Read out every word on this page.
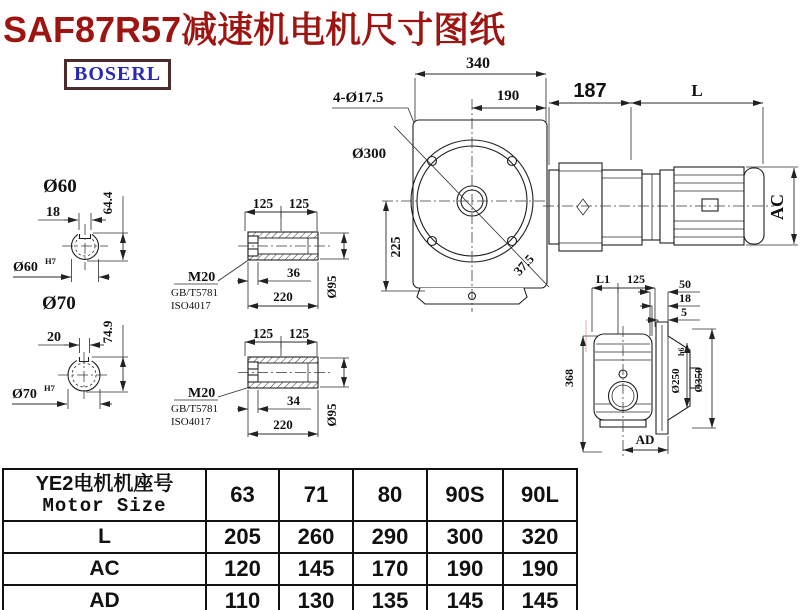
SAF87R57减速机电机尺寸图纸
BOSERL
Ø60
18	64.4
Ø60 H7
Ø70
20	74.9
Ø70 H7
125 125
M20
GB/T5781
ISO4017
36
220 Ø95
125 125
M20
GB/T5781
ISO4017
34
220 Ø95
340
190
4-Ø17.5
Ø300
37.5
225
187	L
AC
L1 125	50
18
5
368	Ø250
h6
Ø350
AD
YE2电机机座号
Motor Size	63	71	80	90S	90L
L	205	260	290	300	320
AC	120	145	170	190	190
AD	110	130	135	145	145
